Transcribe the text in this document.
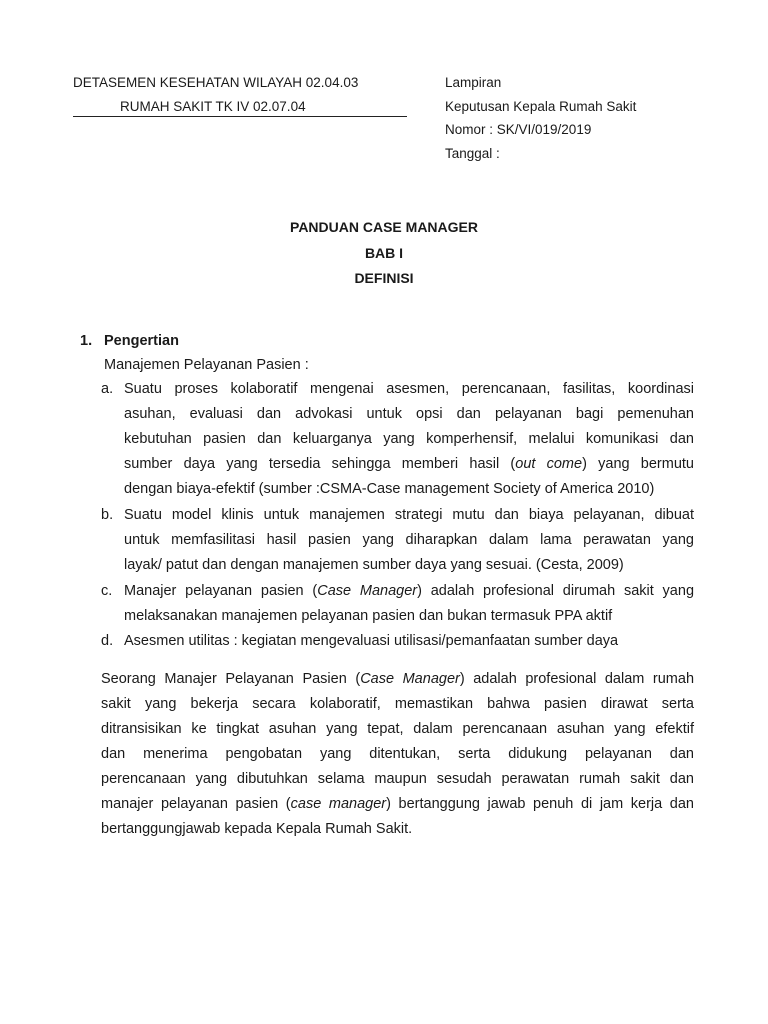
DETASEMEN KESEHATAN WILAYAH 02.04.03
RUMAH SAKIT TK IV 02.07.04
Lampiran
Keputusan Kepala Rumah Sakit
Nomor : SK/VI/019/2019
Tanggal :
PANDUAN CASE MANAGER
BAB I
DEFINISI
1. Pengertian
Manajemen Pelayanan Pasien :
a. Suatu proses kolaboratif mengenai asesmen, perencanaan, fasilitas, koordinasi
asuhan, evaluasi dan advokasi untuk opsi dan pelayanan bagi pemenuhan
kebutuhan pasien dan keluarganya yang komperhensif, melalui komunikasi dan
sumber daya yang tersedia sehingga memberi hasil (out come) yang bermutu
dengan biaya-efektif (sumber :CSMA-Case management Society of America 2010)
b. Suatu model klinis untuk manajemen strategi mutu dan biaya pelayanan, dibuat
untuk memfasilitasi hasil pasien yang diharapkan dalam lama perawatan yang
layak/ patut dan dengan manajemen sumber daya yang sesuai. (Cesta, 2009)
c. Manajer pelayanan pasien (Case Manager) adalah profesional dirumah sakit yang
melaksanakan manajemen pelayanan pasien dan bukan termasuk PPA aktif
d. Asesmen utilitas : kegiatan mengevaluasi utilisasi/pemanfaatan sumber daya
Seorang Manajer Pelayanan Pasien (Case Manager) adalah profesional dalam rumah
sakit yang bekerja secara kolaboratif, memastikan bahwa pasien dirawat serta
ditransisikan ke tingkat asuhan yang tepat, dalam perencanaan asuhan yang efektif
dan menerima pengobatan yang ditentukan, serta didukung pelayanan dan
perencanaan yang dibutuhkan selama maupun sesudah perawatan rumah sakit dan
manajer pelayanan pasien (case manager) bertanggung jawab penuh di jam kerja dan
bertanggungjawab kepada Kepala Rumah Sakit.
